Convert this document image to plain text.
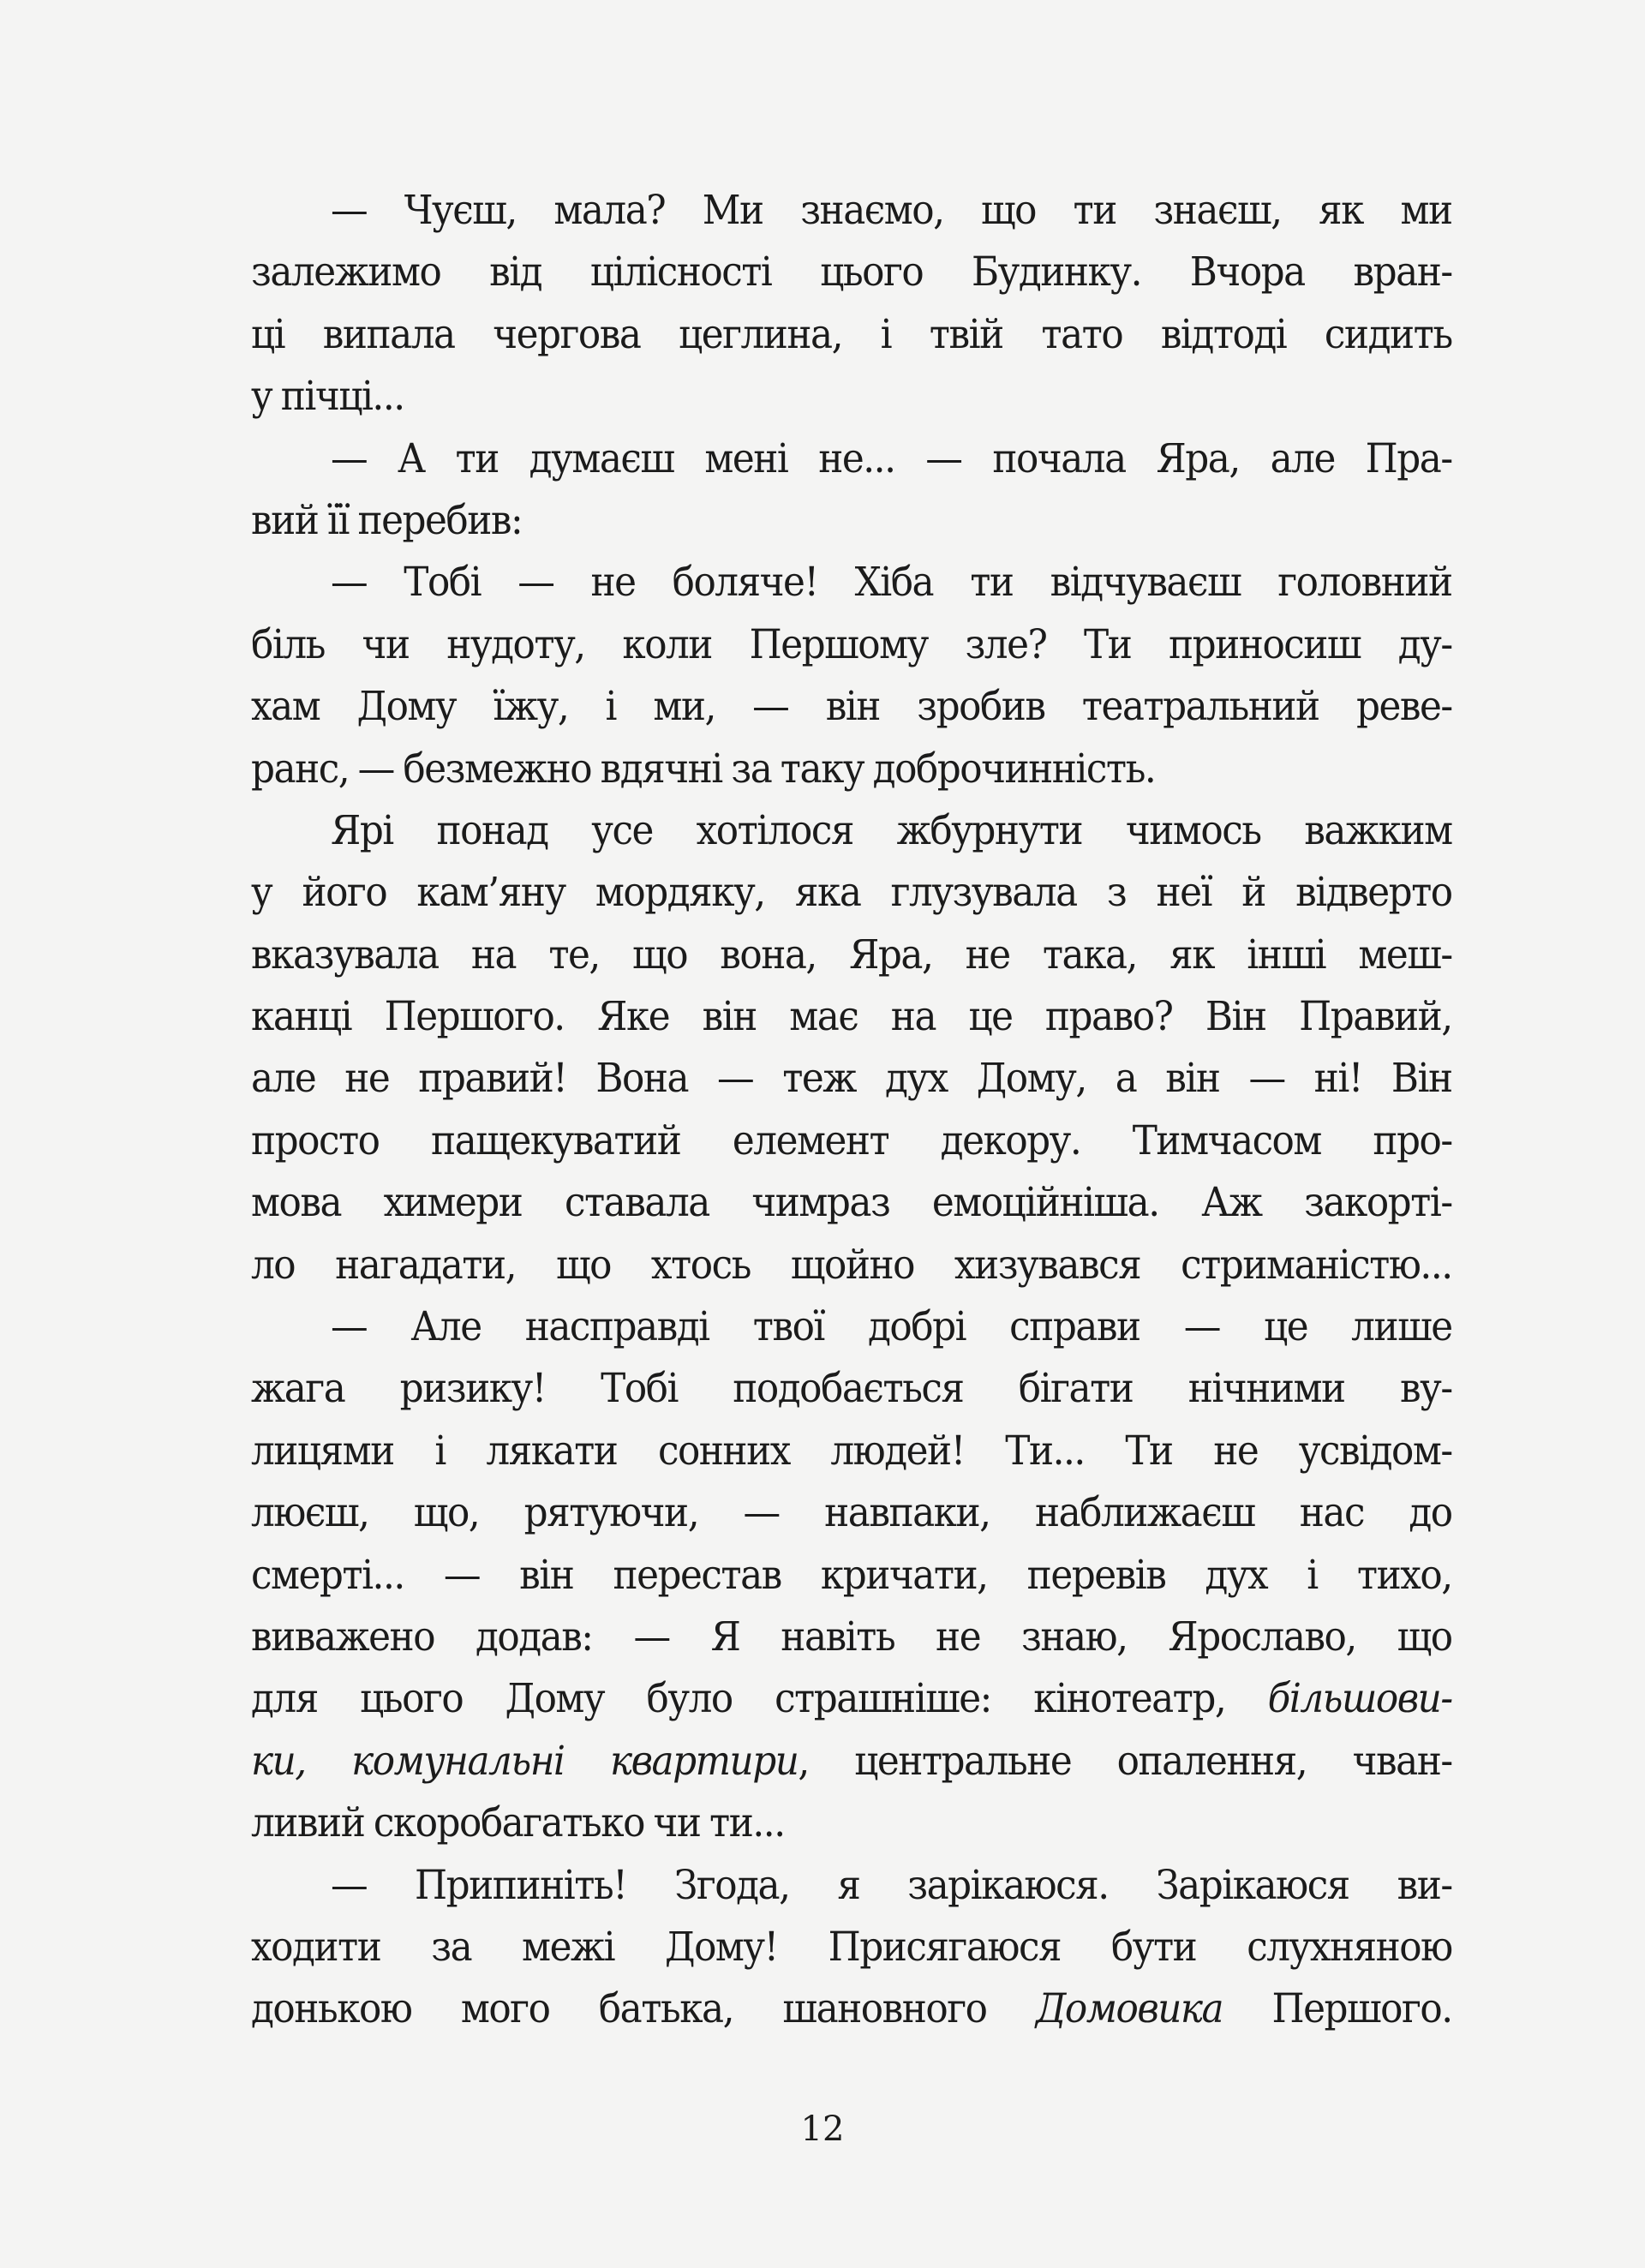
— Чуєш, мала? Ми знаємо, що ти знаєш, як ми
залежимо від цілісності цього Будинку. Вчора вран-
ці випала чергова цеглина, і твій тато відтоді сидить
у пічці...
— А ти думаєш мені не... — почала Яра, але Пра-
вий її перебив:
— Тобі — не боляче! Хіба ти відчуваєш головний
біль чи нудоту, коли Першому зле? Ти приносиш ду-
хам Дому їжу, і ми, — він зробив театральний реве-
ранс, — безмежно вдячні за таку доброчинність.
Ярі понад усе хотілося жбурнути чимось важким
у його кам’яну мордяку, яка глузувала з неї й відверто
вказувала на те, що вона, Яра, не така, як інші меш-
канці Першого. Яке він має на це право? Він Правий,
але не правий! Вона — теж дух Дому, а він — ні! Він
просто пащекуватий елемент декору. Тимчасом про-
мова химери ставала чимраз емоційніша. Аж закорті-
ло нагадати, що хтось щойно хизувався стриманістю...
— Але насправді твої добрі справи — це лише
жага ризику! Тобі подобається бігати нічними ву-
лицями і лякати сонних людей! Ти... Ти не усвідом-
люєш, що, рятуючи, — навпаки, наближаєш нас до
смерті... — він перестав кричати, перевів дух і тихо,
виважено додав: — Я навіть не знаю, Ярославо, що
для цього Дому було страшніше: кінотеатр, більшови-
ки, комунальні квартири, центральне опалення, чван-
ливий скоробагатько чи ти...
— Припиніть! Згода, я зарікаюся. Зарікаюся ви-
ходити за межі Дому! Присягаюся бути слухняною
донькою мого батька, шановного Домовика Першого.
12
